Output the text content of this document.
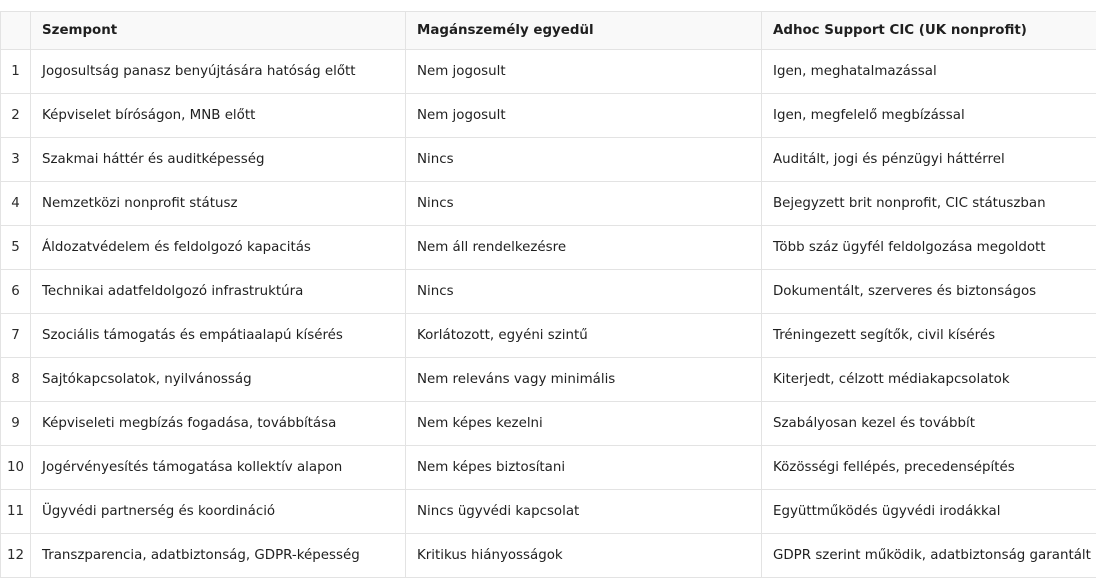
	Szempont	Magánszemély egyedül	Adhoc Support CIC (UK nonprofit)
1	Jogosultság panasz benyújtására hatóság előtt	Nem jogosult	Igen, meghatalmazással
2	Képviselet bíróságon, MNB előtt	Nem jogosult	Igen, megfelelő megbízással
3	Szakmai háttér és auditképesség	Nincs	Auditált, jogi és pénzügyi háttérrel
4	Nemzetközi nonprofit státusz	Nincs	Bejegyzett brit nonprofit, CIC státuszban
5	Áldozatvédelem és feldolgozó kapacitás	Nem áll rendelkezésre	Több száz ügyfél feldolgozása megoldott
6	Technikai adatfeldolgozó infrastruktúra	Nincs	Dokumentált, szerveres és biztonságos
7	Szociális támogatás és empátiaalapú kísérés	Korlátozott, egyéni szintű	Tréningezett segítők, civil kísérés
8	Sajtókapcsolatok, nyilvánosság	Nem releváns vagy minimális	Kiterjedt, célzott médiakapcsolatok
9	Képviseleti megbízás fogadása, továbbítása	Nem képes kezelni	Szabályosan kezel és továbbít
10	Jogérvényesítés támogatása kollektív alapon	Nem képes biztosítani	Közösségi fellépés, precedensépítés
11	Ügyvédi partnerség és koordináció	Nincs ügyvédi kapcsolat	Együttműködés ügyvédi irodákkal
12	Transzparencia, adatbiztonság, GDPR-képesség	Kritikus hiányosságok	GDPR szerint működik, adatbiztonság garantált
